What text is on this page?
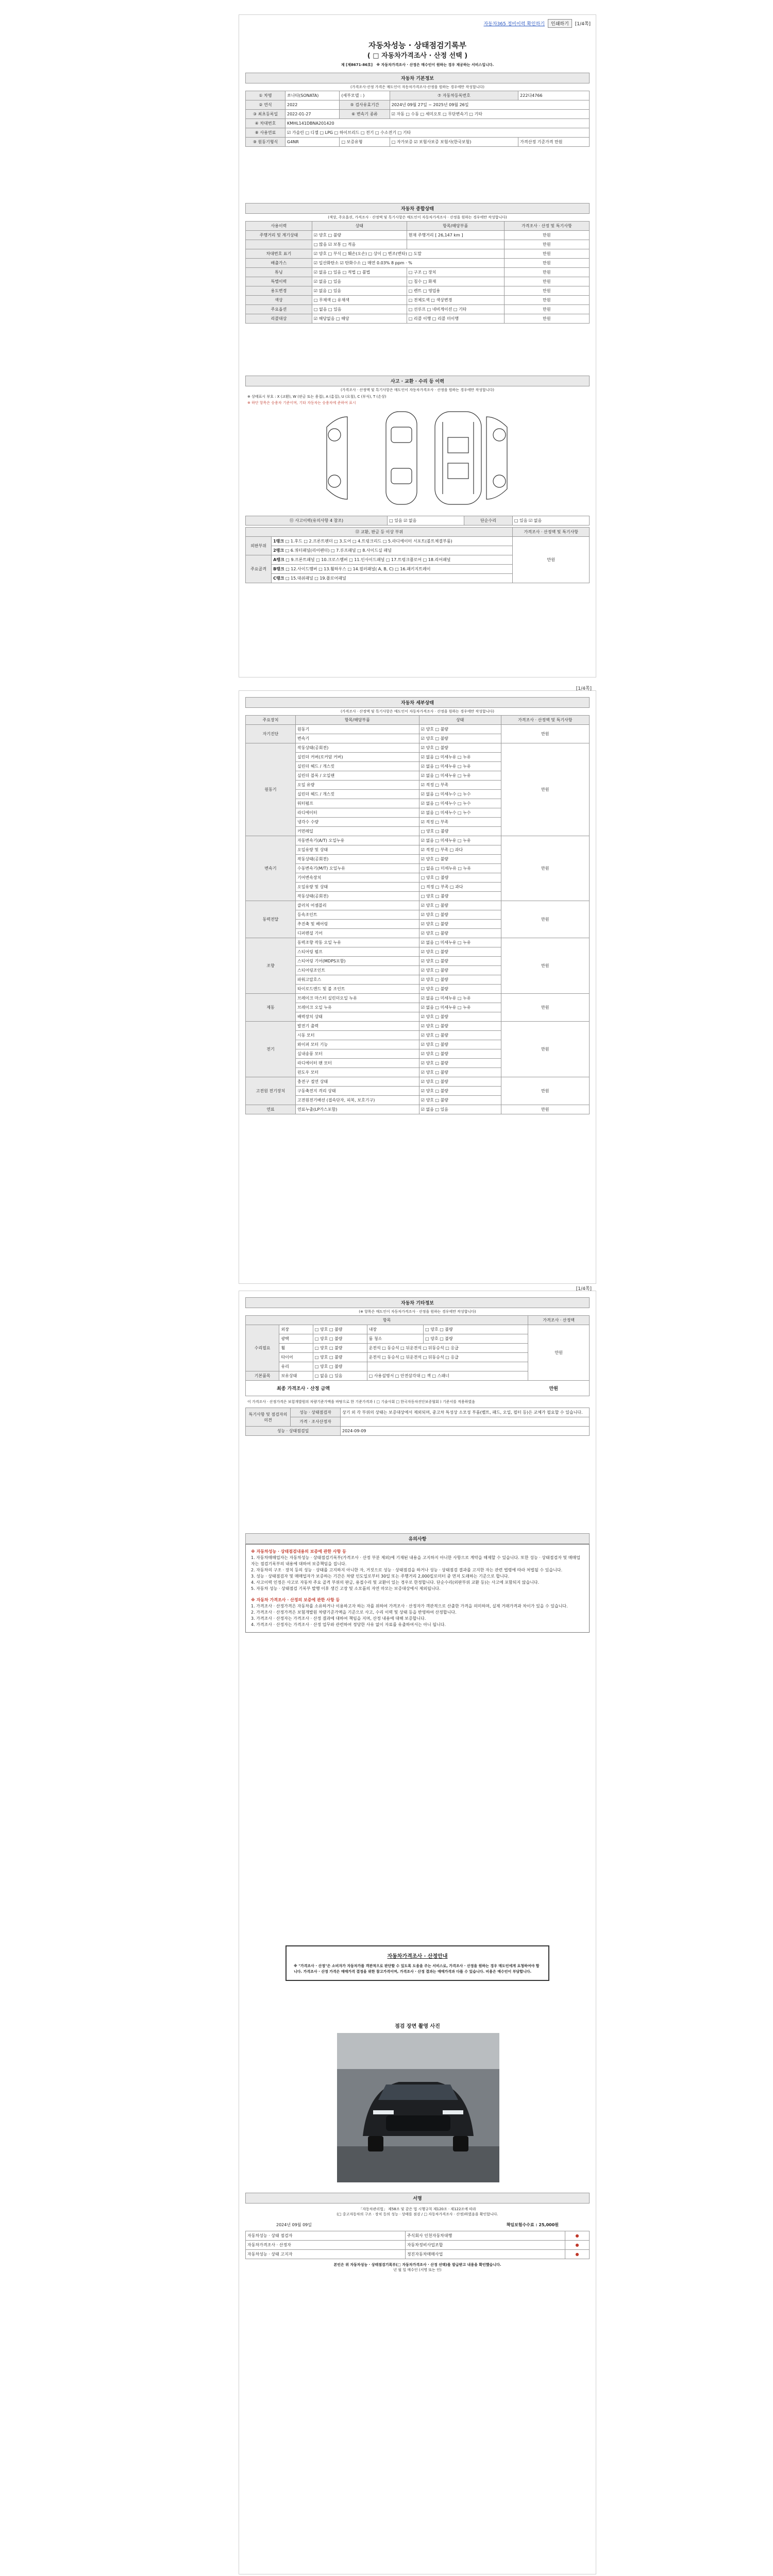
자동차365 정비이력 확인하기	인쇄하기	[1/4쪽]
자동차성능 · 상태점검기록부
( □ 자동차가격조사 · 산정 선택 )
제 [제8671-86호] ※ 자동차가격조사 · 산정은 매수인이 원하는 경우 제공하는 서비스입니다.
자동차 기본정보
(가격조사·산정 가격은 매도인이 자동차가격조사·산정을 원하는 경우에만 작성합니다)
① 차명	쏘나타(SONATA)	(세부모델 : )	⑦ 자동차등록번호	222다4766
② 연식	2022	⑤ 검사유효기간	2024년 09월 27일 ~ 2025년 09월 26일	
③ 최초등록일	2022-01-27	⑥ 변속기 종류	☑ 자동 □ 수동 □ 세미오토 □ 무단변속기 □ 기타	
④ 차대번호	KMHL141DBNA201420			
⑧ 사용연료	☑ 가솔린 □ 디젤 □ LPG □ 하이브리드 □ 전기 □ 수소전기 □ 기타			
⑨ 원동기형식	G4NR	□ 보증유형	□ 자가보증 ☑ 보험사보증 보험사(한국보험)	가격산정 기준가격 만원
자동차 종합상태
(색상, 주요옵션, 가격조사 · 산정액 및 특기사항은 매도인이 자동차가격조사 · 산정을 원하는 경우에만 작성합니다)
사용이력	상태	항목/해당부품	가격조사 · 산정 및 특기사항
주행거리 및 계기상태	☑ 양호 □ 불량	현재 주행거리 [ 26,147 km ]	만원
	□ 많음 ☑ 보통 □ 적음		만원
차대번호 표기	☑ 양호 □ 부식 □ 훼손(오손) □ 상이 □ 변조(변타) □ 도말		만원
배출가스	☑ 일산화탄소 ☑ 탄화수소 □ 매연 0.03% 8 ppm · %		만원
튜닝	☑ 없음 □ 있음 □ 적법 □ 불법	□ 구조 □ 장치	만원
특별이력	☑ 없음 □ 있음	□ 침수 □ 화재	만원
용도변경	☑ 없음 □ 있음	□ 렌트 □ 영업용	만원
색상	□ 무채색 □ 유채색	□ 전체도색 □ 색상변경	만원
주요옵션	□ 없음 □ 있음	□ 선루프 □ 네비게이션 □ 기타	만원
리콜대상	☑ 해당없음 □ 해당	□ 리콜 이행 □ 리콜 미이행	만원
사고 · 교환 · 수리 등 이력
(가격조사 · 산정액 및 특기사항은 매도인이 자동차가격조사 · 산정을 원하는 경우에만 작성합니다)
※ 상태표시 부호 : X (교환), W (판금 또는 용접), A (흠집), U (요철), C (부식), T (손상)
※ 하단 항목은 승용차 기준이며, 기타 자동차는 승용차에 준하여 표시
⑪ 사고이력(유의사항 4 참조)	□ 있음 ☑ 없음	단순수리	□ 있음 ☑ 없음
⑫ 교환, 판금 등 이상 부위		가격조사 · 산정액 및 특기사항
외판부위	1랭크 □ 1.후드 □ 2.프론트펜더 □ 3.도어 □ 4.트렁크리드 □ 5.라디에이터 서포트(볼트체결부품)	만원
	2랭크 □ 6.쿼터패널(리어펜더) □ 7.루프패널 □ 8.사이드실 패널	
주요골격	A랭크 □ 9.프론트패널 □ 10.크로스멤버 □ 11.인사이드패널 □ 17.트렁크플로어 □ 18.리어패널	
	B랭크 □ 12.사이드멤버 □ 13.휠하우스 □ 14.필러패널( A, B, C) □ 16.패키지트레이	
	C랭크 □ 15.대쉬패널 □ 19.플로어패널	
[1/4쪽]
자동차 세부상태
(가격조사 · 산정액 및 특기사항은 매도인이 자동차가격조사 · 산정을 원하는 경우에만 작성합니다)
주요장치	항목/해당부품	상태	가격조사 · 산정액 및 특기사항
자기진단	원동기	☑ 양호 □ 불량	만원
	변속기	☑ 양호 □ 불량	
원동기	작동상태(공회전)	☑ 양호 □ 불량	만원
	실린더 커버(로커암 커버)	☑ 없음 □ 미세누유 □ 누유	
	실린더 헤드 / 개스킷	☑ 없음 □ 미세누유 □ 누유	
	실린더 블록 / 오일팬	☑ 없음 □ 미세누유 □ 누유	
	오일 유량	☑ 적정 □ 부족	
	실린더 헤드 / 개스킷	☑ 없음 □ 미세누수 □ 누수	
	워터펌프	☑ 없음 □ 미세누수 □ 누수	
	라디에이터	☑ 없음 □ 미세누수 □ 누수	
	냉각수 수량	☑ 적정 □ 부족	
	커먼레일	□ 양호 □ 불량	
변속기	자동변속기(A/T) 오일누유	☑ 없음 □ 미세누유 □ 누유	만원
	오일유량 및 상태	☑ 적정 □ 부족 □ 과다	
	작동상태(공회전)	☑ 양호 □ 불량	
	수동변속기(M/T) 오일누유	□ 없음 □ 미세누유 □ 누유	
	기어변속장치	□ 양호 □ 불량	
	오일유량 및 상태	□ 적정 □ 부족 □ 과다	
	작동상태(공회전)	□ 양호 □ 불량	
동력전달	클러치 어셈블리	☑ 양호 □ 불량	만원
	등속조인트	☑ 양호 □ 불량	
	추진축 및 베어링	☑ 양호 □ 불량	
	디퍼렌셜 기어	☑ 양호 □ 불량	
조향	동력조향 작동 오일 누유	☑ 없음 □ 미세누유 □ 누유	만원
	스티어링 펌프	☑ 양호 □ 불량	
	스티어링 기어(MDPS포함)	☑ 양호 □ 불량	
	스티어링조인트	☑ 양호 □ 불량	
	파워고압호스	☑ 양호 □ 불량	
	타이로드엔드 및 볼 조인트	☑ 양호 □ 불량	
제동	브레이크 마스터 실린더오일 누유	☑ 없음 □ 미세누유 □ 누유	만원
	브레이크 오일 누유	☑ 없음 □ 미세누유 □ 누유	
	배력장치 상태	☑ 양호 □ 불량	
전기	발전기 출력	☑ 양호 □ 불량	만원
	시동 모터	☑ 양호 □ 불량	
	와이퍼 모터 기능	☑ 양호 □ 불량	
	실내송풍 모터	☑ 양호 □ 불량	
	라디에이터 팬 모터	☑ 양호 □ 불량	
	윈도우 모터	☑ 양호 □ 불량	
고전원 전기장치	충전구 절연 상태	☑ 양호 □ 불량	만원
	구동축전지 격리 상태	☑ 양호 □ 불량	
	고전원전기배선 (접속단자, 피복, 보호기구)	☑ 양호 □ 불량	
연료	연료누출(LP가스포함)	☑ 없음 □ 있음	만원
[1/4쪽]
자동차 기타정보
(※ 항목은 매도인이 자동차가격조사 · 산정을 원하는 경우에만 작성합니다)
항목					가격조사 · 산정액
수리필요	외장	□ 양호 □ 불량	내장	□ 양호 □ 불량	만원
	광택	□ 양호 □ 불량	룸 청소	□ 양호 □ 불량	
	휠	□ 양호 □ 불량	운전석 □ 동승석 □ 뒤운전석 □ 뒤동승석 □ 응급		
	타이어	□ 양호 □ 불량	운전석 □ 동승석 □ 뒤운전석 □ 뒤동승석 □ 응급		
	유리	□ 양호 □ 불량			
기본품목	보유상태	□ 없음 □ 있음	□ 사용설명서 □ 안전삼각대 □ 잭 □ 스패너		
최종 가격조사 · 산정 금액	만원
이 가격조사 · 산정가격은 보험개발원의 차량기준가액을 바탕으로 한 기준가격과 ( □ 기술사회 □ 한국자동차진단보증협회 ) 기준서를 적용하였음
특기사항 및 점검자의 의견	성능 · 상태점검자	상기 외 각 부위의 상태는 보증대상에서 제외되며, 중고차 특성상 소모성 부품(벨트, 패드, 오일, 필터 등)은 교체가 필요할 수 있습니다.
	가격 · 조사산정자	
성능 · 상태점검일		2024-09-09
유의사항
※ 자동차성능 · 상태점검내용의 보증에 관한 사항 등
1. 자동차매매업자는 자동차성능 · 상태점검기록부(가격조사 · 산정 부분 제외)에 기재된 내용을 고지하지 아니한 사항으로 계약을 해제할 수 있습니다. 또한 성능 · 상태점검자 및 매매업자는 점검기록부의 내용에 대하여 보증책임을 집니다.
2. 자동차의 구조 · 장치 등의 성능 · 상태를 고지하지 아니한 자, 거짓으로 성능 · 상태점검을 하거나 성능 · 상태점검 결과를 고지한 자는 관련 법령에 따라 처벌될 수 있습니다.
3. 성능 · 상태점검자 및 매매업자가 보증하는 기간은 차량 인도일로부터 30일 또는 주행거리 2,000킬로미터 중 먼저 도래하는 기준으로 합니다.
4. 사고이력 인정은 사고로 자동차 주요 골격 부위의 판금, 용접수리 및 교환이 있는 경우로 한정합니다. 단순수리(외판부위 교환 등)는 사고에 포함되지 않습니다.
5. 자동차 성능 · 상태점검 기록부 발행 이후 생긴 고장 및 소모품의 자연 마모는 보증대상에서 제외됩니다.
※ 자동차 가격조사 · 산정의 보증에 관한 사항 등
1. 가격조사 · 산정가격은 자동차를 소유하거나 이용하고자 하는 자를 위하여 가격조사 · 산정자가 객관적으로 산출한 가격을 의미하며, 실제 거래가격과 차이가 있을 수 있습니다.
2. 가격조사 · 산정가격은 보험개발원 차량기준가액을 기준으로 사고, 수리 이력 및 상태 등을 반영하여 산정합니다.
3. 가격조사 · 산정자는 가격조사 · 산정 결과에 대하여 책임을 지며, 산정 내용에 대해 보증합니다.
4. 가격조사 · 산정자는 가격조사 · 산정 업무와 관련하여 정당한 사유 없이 자료를 유출하여서는 아니 됩니다.
자동차가격조사 · 산정안내
※ "가격조사 · 산정"은 소비자가 자동차가를 객관적으로 판단할 수 있도록 도움을 주는 서비스로, 가격조사 · 산정을 원하는 경우 매도인에게 요청하여야 합니다. 가격조사 · 산정 가격은 매매가격 결정을 위한 참고가격이며, 가격조사 · 산정 결과는 매매가격과 다를 수 있습니다. 비용은 매수인이 부담합니다.
점검 장면 촬영 사진
서명
「자동차관리법」 제58조 및 같은 법 시행규칙 제120조 · 제122조에 따라
(□ 중고자동차의 구조 · 장치 등의 성능 · 상태를 점검 / □ 자동차가격조사 · 산정)하였음을 확인합니다.
2024년 09월 09일	책임보험수수료 : 25,000원
자동차성능 · 상태 점검자	주식회사 인천자동차대행	●
자동차가격조사 · 산정자	자동차정비사업조합	●
자동차성능 · 상태 고지자	정진자동차매매사업	●
본인은 위 자동차성능 · 상태점검기록부(□ 자동차가격조사 · 산정 선택)를 발급받고 내용을 확인했습니다.
년 월 일 매수인 (서명 또는 인)
